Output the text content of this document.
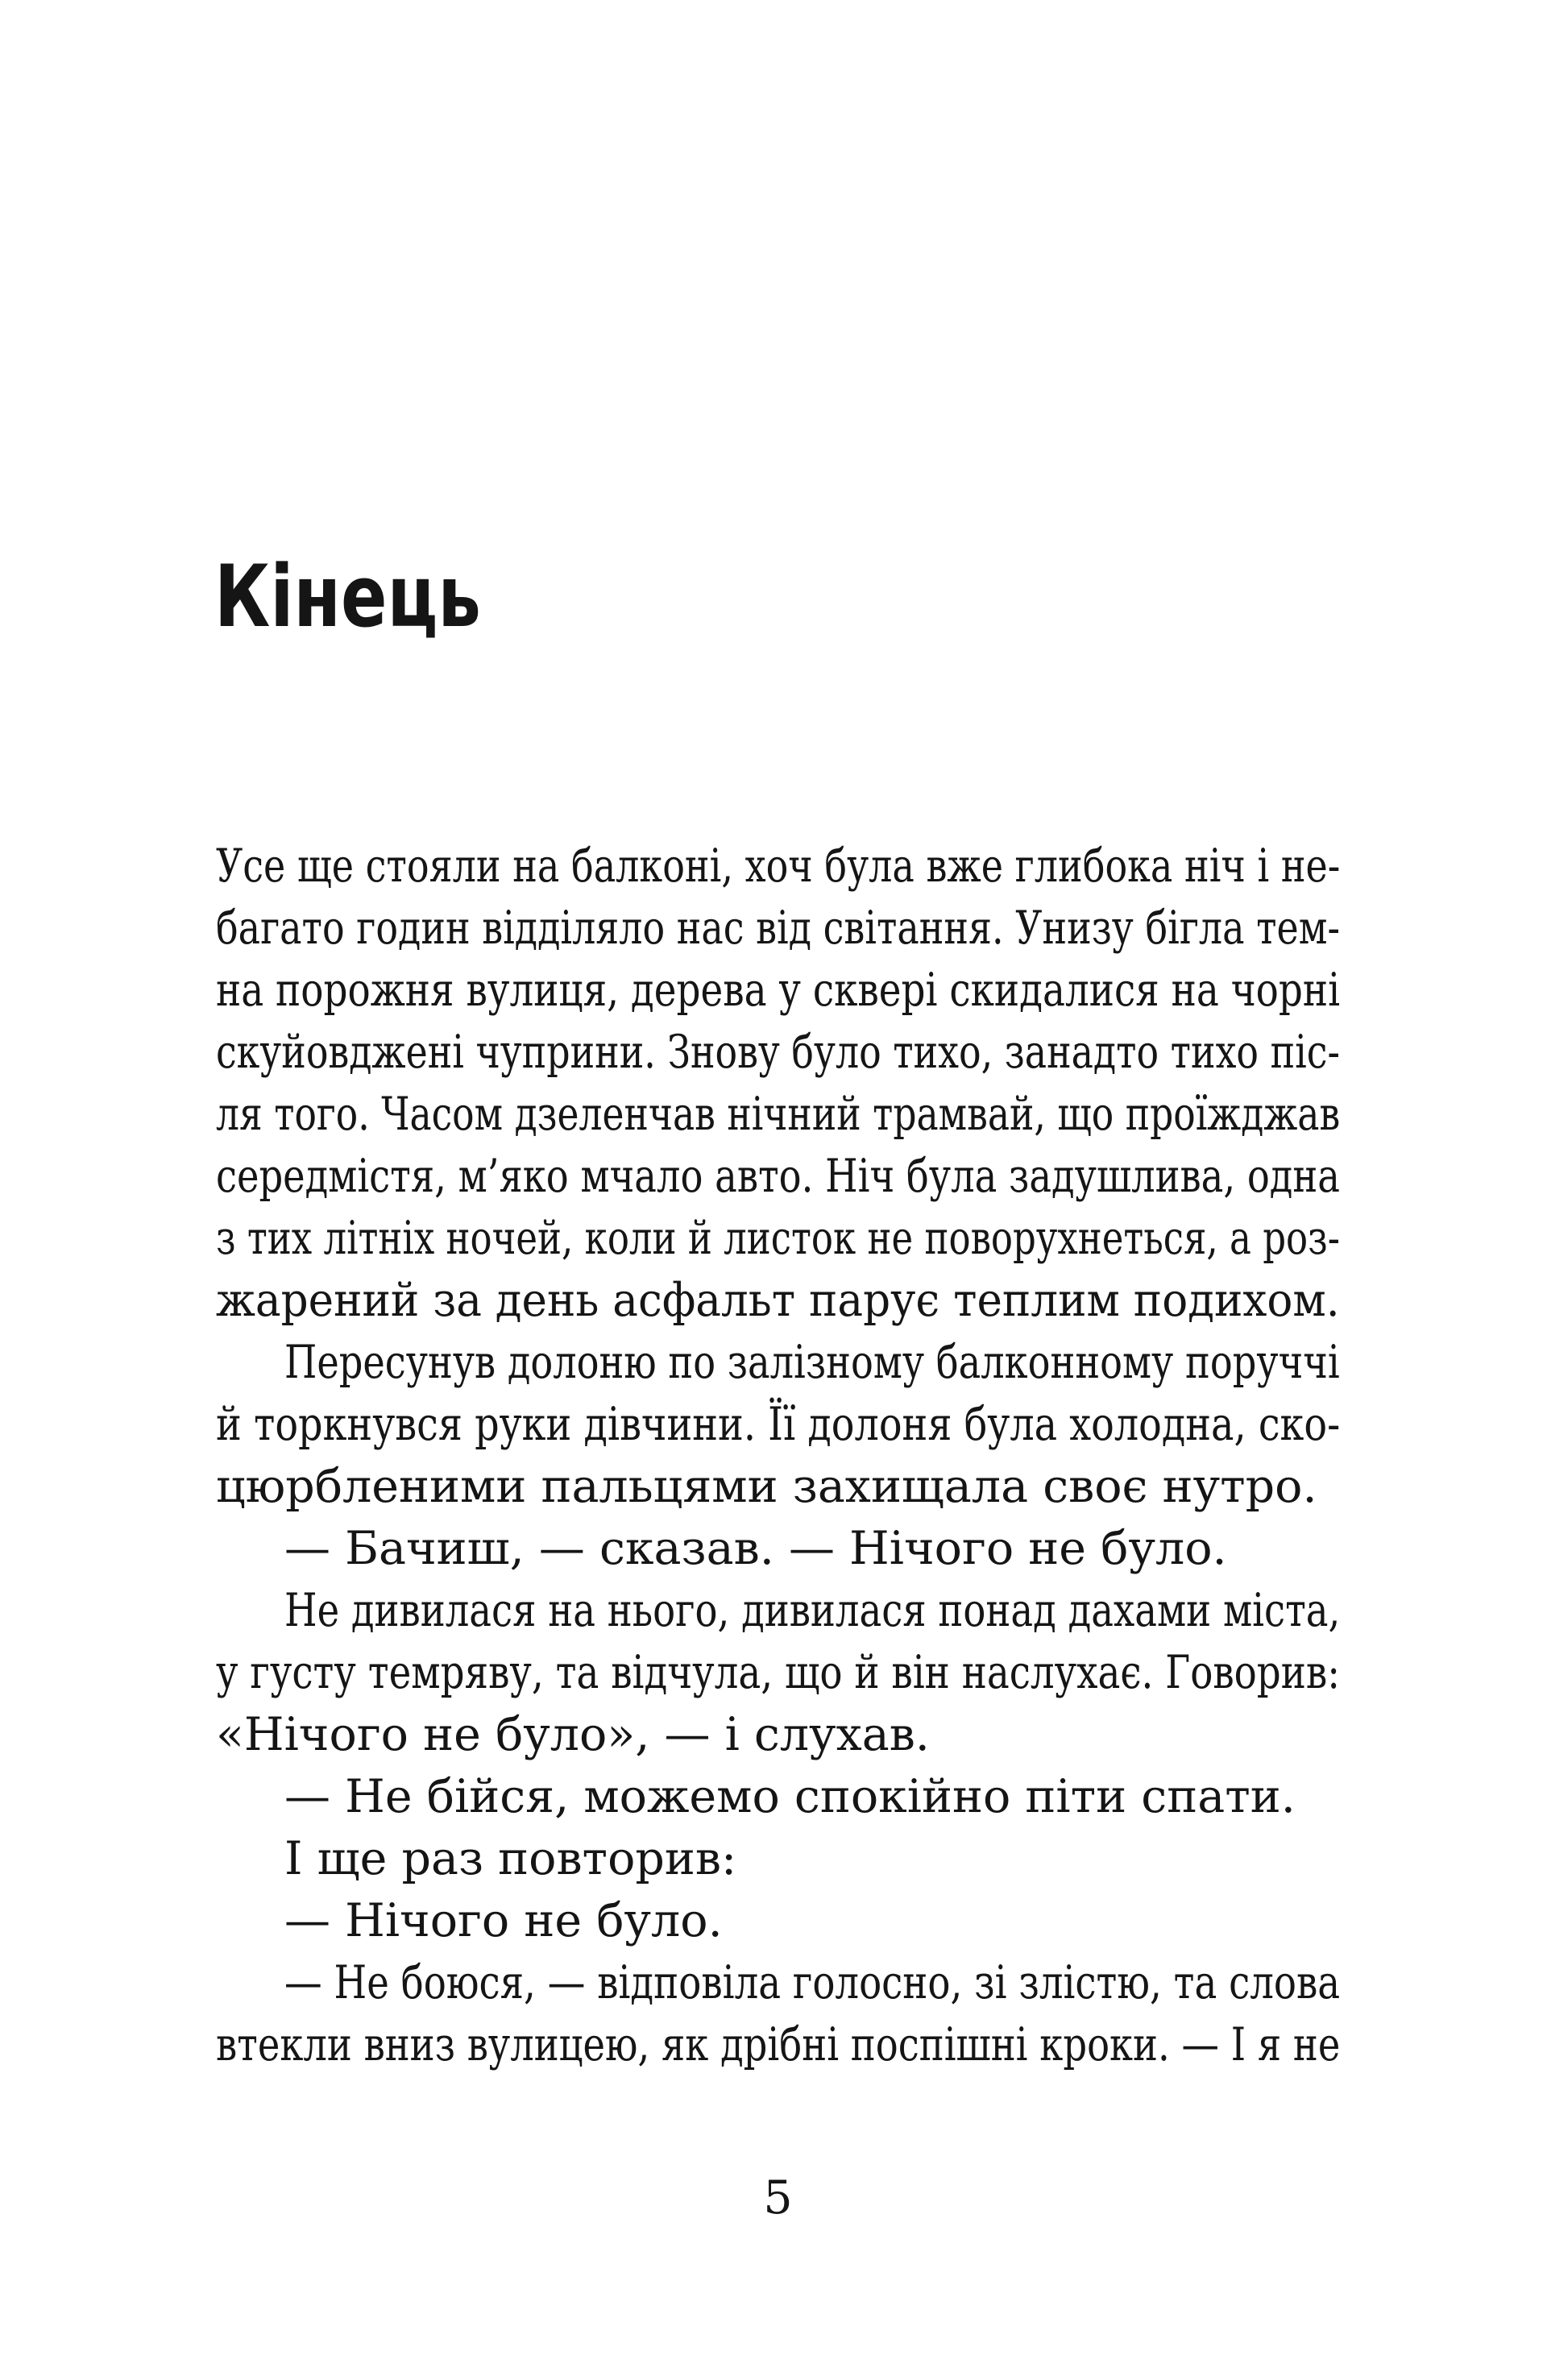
Кінець
Усе ще стояли на балконі, хоч була вже глибока ніч і не-
багато годин відділяло нас від світання. Унизу бігла тем-
на порожня вулиця, дерева у сквері скидалися на чорні
скуйовджені чуприни. Знову було тихо, занадто тихо піс-
ля того. Часом дзеленчав нічний трамвай, що проїжджав
середмістя, м’яко мчало авто. Ніч була задушлива, одна
з тих літніх ночей, коли й листок не поворухнеться, а роз-
жарений за день асфальт парує теплим подихом.
Пересунув долоню по залізному балконному поруччі
й торкнувся руки дівчини. Її долоня була холодна, ско-
цюрбленими пальцями захищала своє нутро.
— Бачиш, — сказав. — Нічого не було.
Не дивилася на нього, дивилася понад дахами міста,
у густу темряву, та відчула, що й він наслухає. Говорив:
«Нічого не було», — і слухав.
— Не бійся, можемо спокійно піти спати.
І ще раз повторив:
— Нічого не було.
— Не боюся, — відповіла голосно, зі злістю, та слова
втекли вниз вулицею, як дрібні поспішні кроки. — І я не
5
